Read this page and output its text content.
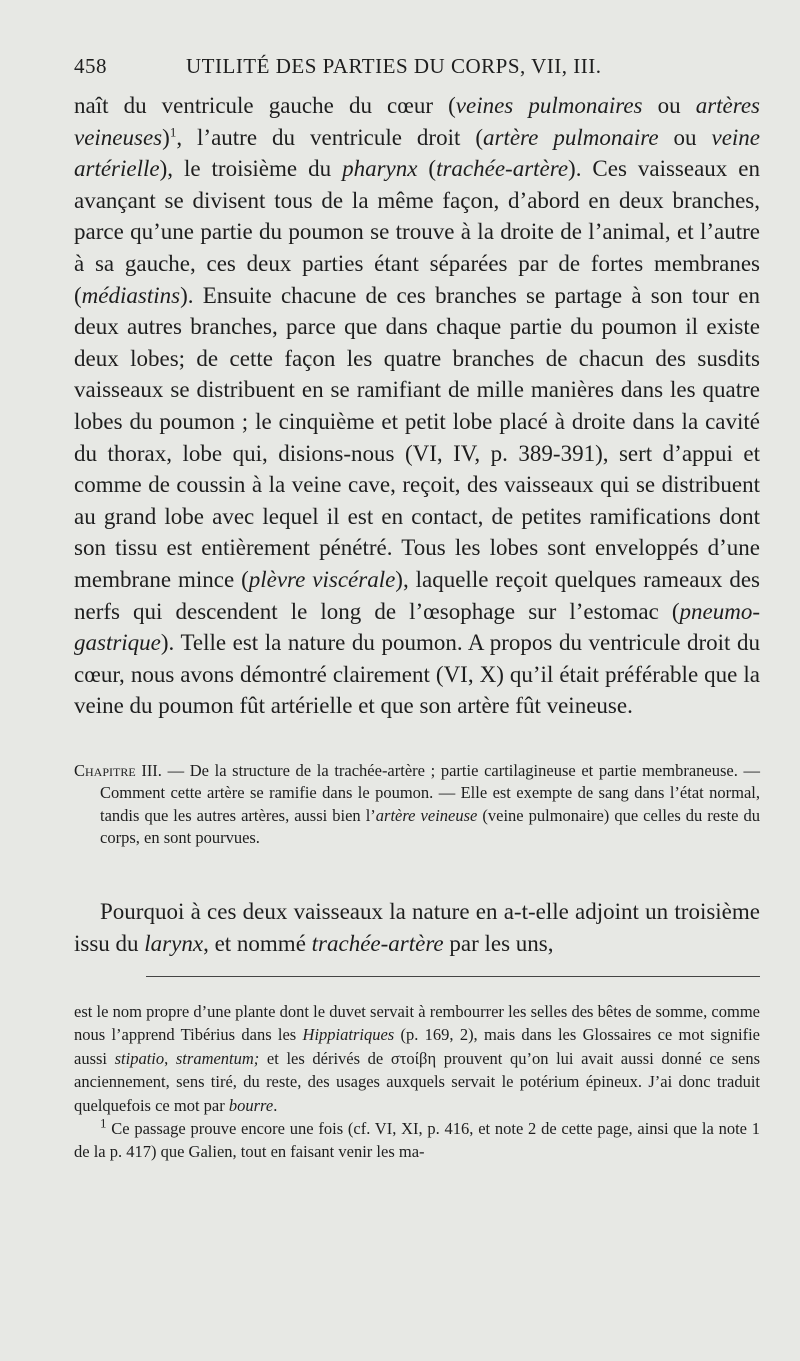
458	UTILITÉ DES PARTIES DU CORPS, VII, III.

naît du ventricule gauche du cœur (veines pulmonaires ou artères veineuses)$^1$, l’autre du ventricule droit (artère pulmonaire ou veine artérielle), le troisième du pharynx (trachée-artère). Ces vaisseaux en avançant se divisent tous de la même façon, d’abord en deux branches, parce qu’une partie du poumon se trouve à la droite de l’animal, et l’autre à sa gauche, ces deux parties étant séparées par de fortes membranes (médiastins). Ensuite chacune de ces branches se partage à son tour en deux autres branches, parce que dans chaque partie du poumon il existe deux lobes; de cette façon les quatre branches de chacun des susdits vaisseaux se distribuent en se ramifiant de mille manières dans les quatre lobes du poumon ; le cinquième et petit lobe placé à droite dans la cavité du thorax, lobe qui, disions-nous (VI, IV, p. 389-391), sert d’appui et comme de coussin à la veine cave, reçoit, des vaisseaux qui se distribuent au grand lobe avec lequel il est en contact, de petites ramifications dont son tissu est entièrement pénétré. Tous les lobes sont enveloppés d’une membrane mince (plèvre viscérale), laquelle reçoit quelques rameaux des nerfs qui descendent le long de l’œsophage sur l’estomac (pneumo-gastrique). Telle est la nature du poumon. A propos du ventricule droit du cœur, nous avons démontré clairement (VI, X) qu’il était préférable que la veine du poumon fût artérielle et que son artère fût veineuse.

Chapitre III. — De la structure de la trachée-artère ; partie cartilagineuse et partie membraneuse. — Comment cette artère se ramifie dans le poumon. — Elle est exempte de sang dans l’état normal, tandis que les autres artères, aussi bien l’artère veineuse (veine pulmonaire) que celles du reste du corps, en sont pourvues.

Pourquoi à ces deux vaisseaux la nature en a-t-elle adjoint un troisième issu du larynx, et nommé trachée-artère par les uns,

est le nom propre d’une plante dont le duvet servait à rembourrer les selles des bêtes de somme, comme nous l’apprend Tibérius dans les Hippiatriques (p. 169, 2), mais dans les Glossaires ce mot signifie aussi stipatio, stramentum; et les dérivés de στοίβη prouvent qu’on lui avait aussi donné ce sens anciennement, sens tiré, du reste, des usages auxquels servait le potérium épineux. J’ai donc traduit quelquefois ce mot par bourre.

$^1$ Ce passage prouve encore une fois (cf. VI, XI, p. 416, et note 2 de cette page, ainsi que la note 1 de la p. 417) que Galien, tout en faisant venir les ma-
